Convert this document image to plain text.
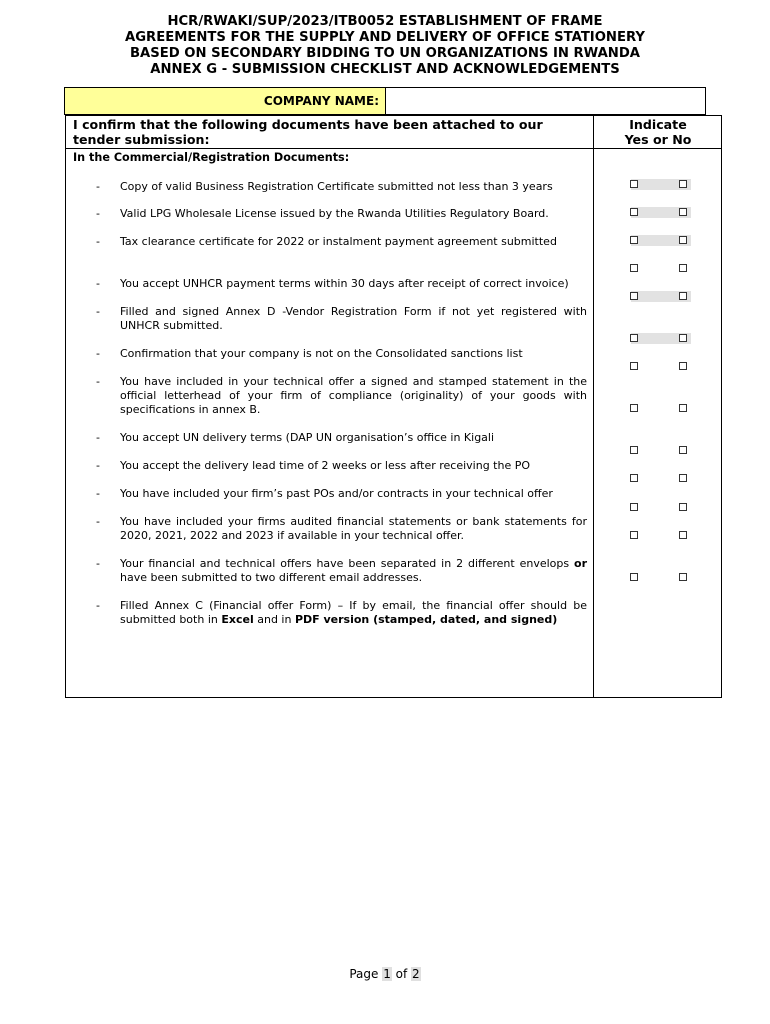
HCR/RWAKI/SUP/2023/ITB0052 ESTABLISHMENT OF FRAME
AGREEMENTS FOR THE SUPPLY AND DELIVERY OF OFFICE STATIONERY
BASED ON SECONDARY BIDDING TO UN ORGANIZATIONS IN RWANDA
ANNEX G - SUBMISSION CHECKLIST AND ACKNOWLEDGEMENTS
COMPANY NAME:
I confirm that the following documents have been attached to our tender submission:
Indicate
Yes or No
In the Commercial/Registration Documents:
- Copy of valid Business Registration Certificate submitted not less than 3 years
- Valid LPG Wholesale License issued by the Rwanda Utilities Regulatory Board.
- Tax clearance certificate for 2022 or instalment payment agreement submitted
- You accept UNHCR payment terms within 30 days after receipt of correct invoice)
- Filled and signed Annex D -Vendor Registration Form if not yet registered with UNHCR submitted.
- Confirmation that your company is not on the Consolidated sanctions list
- You have included in your technical offer a signed and stamped statement in the official letterhead of your firm of compliance (originality) of your goods with specifications in annex B.
- You accept UN delivery terms (DAP UN organisation’s office in Kigali
- You accept the delivery lead time of 2 weeks or less after receiving the PO
- You have included your firm’s past POs and/or contracts in your technical offer
- You have included your firms audited financial statements or bank statements for 2020, 2021, 2022 and 2023 if available in your technical offer.
- Your financial and technical offers have been separated in 2 different envelops or have been submitted to two different email addresses.
- Filled Annex C (Financial offer Form) – If by email, the financial offer should be submitted both in Excel and in PDF version (stamped, dated, and signed)
Page 1 of 2
